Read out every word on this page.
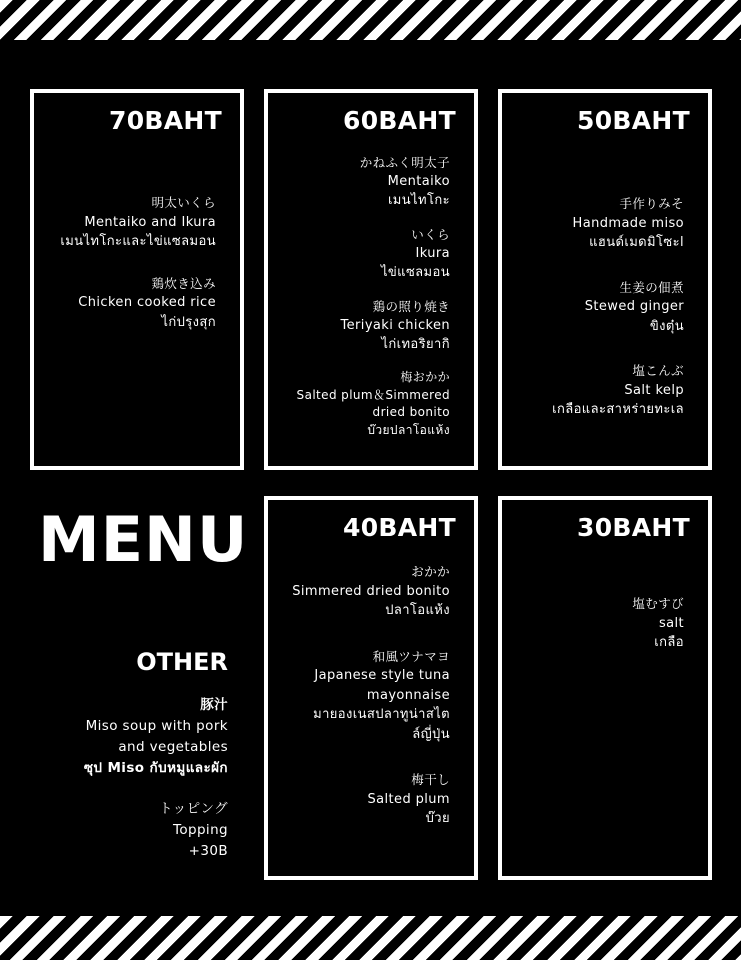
70BAHT
明太いくら
Mentaiko and Ikura
เมนไทโกะและไข่แซลมอน
鶏炊き込み
Chicken cooked rice
ไก่ปรุงสุก
60BAHT
かねふく明太子
Mentaiko
เมนไทโกะ
いくら
Ikura
ไข่แซลมอน
鶏の照り焼き
Teriyaki chicken
ไก่เทอริยากิ
梅おかか
Salted plum＆Simmered
dried bonito
บ๊วยปลาโอแห้ง
50BAHT
手作りみそ
Handmade miso
แฮนด์เมดมิโซะl
生姜の佃煮
Stewed ginger
ขิงตุ๋น
塩こんぶ
Salt kelp
เกลือและสาหร่ายทะเล
MENU
OTHER
豚汁
Miso soup with pork
and vegetables
ซุป Miso กับหมูและผัก
トッピング
Topping
+30B
40BAHT
おかか
Simmered dried bonito
ปลาโอแห้ง
和風ツナマヨ
Japanese style tuna
mayonnaise
มายองเนสปลาทูน่าสไต
ล์ญี่ปุ่น
梅干し
Salted plum
บ๊วย
30BAHT
塩むすび
salt
เกลือ
